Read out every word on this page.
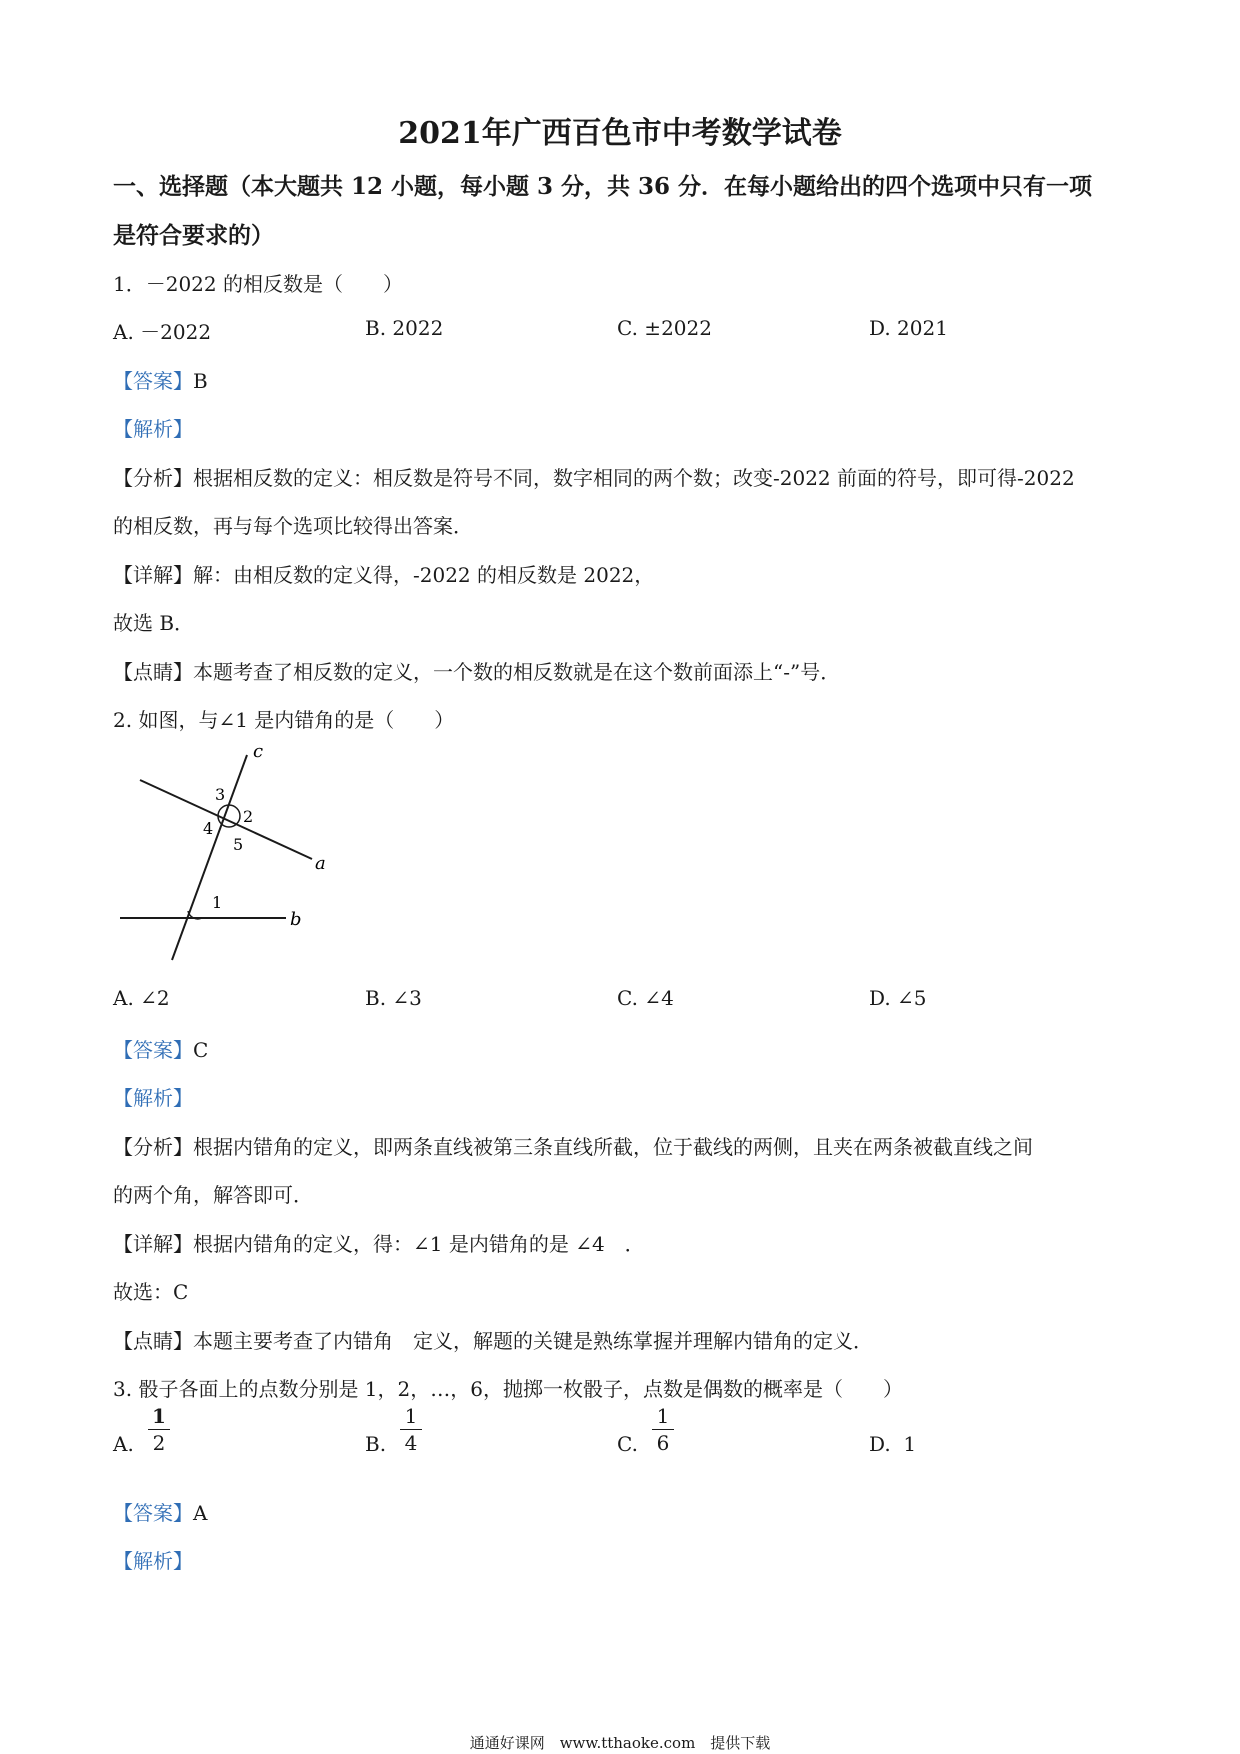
2021年广西百色市中考数学试卷
一、选择题（本大题共 12 小题，每小题 3 分，共 36 分．在每小题给出的四个选项中只有一项
是符合要求的）
1．－2022 的相反数是（　　）
A. －2022	B. 2022	C. ±2022	D. 2021
【答案】B
【解析】
【分析】根据相反数的定义：相反数是符号不同，数字相同的两个数；改变-2022 前面的符号，即可得-2022
的相反数，再与每个选项比较得出答案．
【详解】解：由相反数的定义得，-2022 的相反数是 2022，
故选 B．
【点睛】本题考查了相反数的定义，一个数的相反数就是在这个数前面添上“-”号．
2. 如图，与∠1 是内错角的是（　　）
c
a
b
3
2
4
5
1
A. ∠2	B. ∠3	C. ∠4	D. ∠5
【答案】C
【解析】
【分析】根据内错角的定义，即两条直线被第三条直线所截，位于截线的两侧，且夹在两条被截直线之间
的两个角，解答即可．
【详解】根据内错角的定义，得：∠1 是内错角的是 ∠4　．
故选：C
【点睛】本题主要考查了内错角　定义，解题的关键是熟练掌握并理解内错角的定义．
3. 骰子各面上的点数分别是 1，2，…，6，抛掷一枚骰子，点数是偶数的概率是（　　）
A.
1
2	B.
1
4	C.
1
6	D. 1
【答案】A
【解析】
通通好课网　www.tthaoke.com　提供下载
